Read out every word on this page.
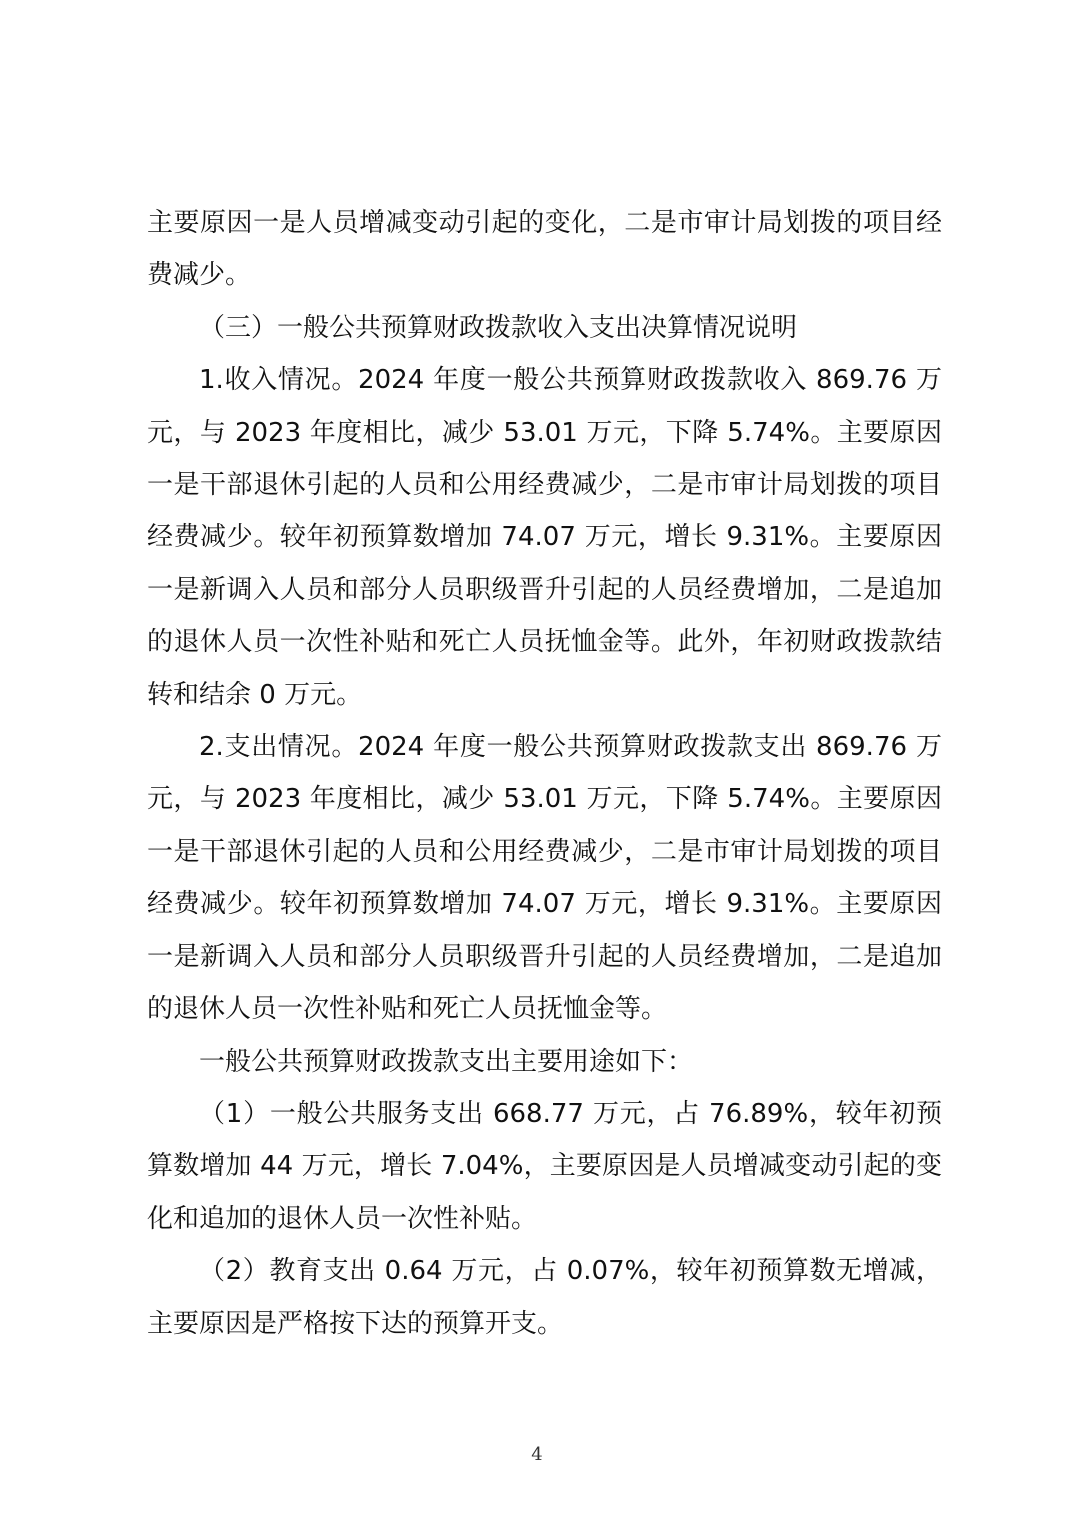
主要原因一是人员增减变动引起的变化，二是市审计局划拨的项目经费减少。

（三）一般公共预算财政拨款收入支出决算情况说明

1.收入情况。2024 年度一般公共预算财政拨款收入 869.76 万元，与 2023 年度相比，减少 53.01 万元，下降 5.74%。主要原因一是干部退休引起的人员和公用经费减少，二是市审计局划拨的项目经费减少。较年初预算数增加 74.07 万元，增长 9.31%。主要原因一是新调入人员和部分人员职级晋升引起的人员经费增加，二是追加的退休人员一次性补贴和死亡人员抚恤金等。此外，年初财政拨款结转和结余 0 万元。

2.支出情况。2024 年度一般公共预算财政拨款支出 869.76 万元，与 2023 年度相比，减少 53.01 万元，下降 5.74%。主要原因一是干部退休引起的人员和公用经费减少，二是市审计局划拨的项目经费减少。较年初预算数增加 74.07 万元，增长 9.31%。主要原因一是新调入人员和部分人员职级晋升引起的人员经费增加，二是追加的退休人员一次性补贴和死亡人员抚恤金等。

一般公共预算财政拨款支出主要用途如下：

（1）一般公共服务支出 668.77 万元，占 76.89%，较年初预算数增加 44 万元，增长 7.04%，主要原因是人员增减变动引起的变化和追加的退休人员一次性补贴。

（2）教育支出 0.64 万元，占 0.07%，较年初预算数无增减，主要原因是严格按下达的预算开支。

4
